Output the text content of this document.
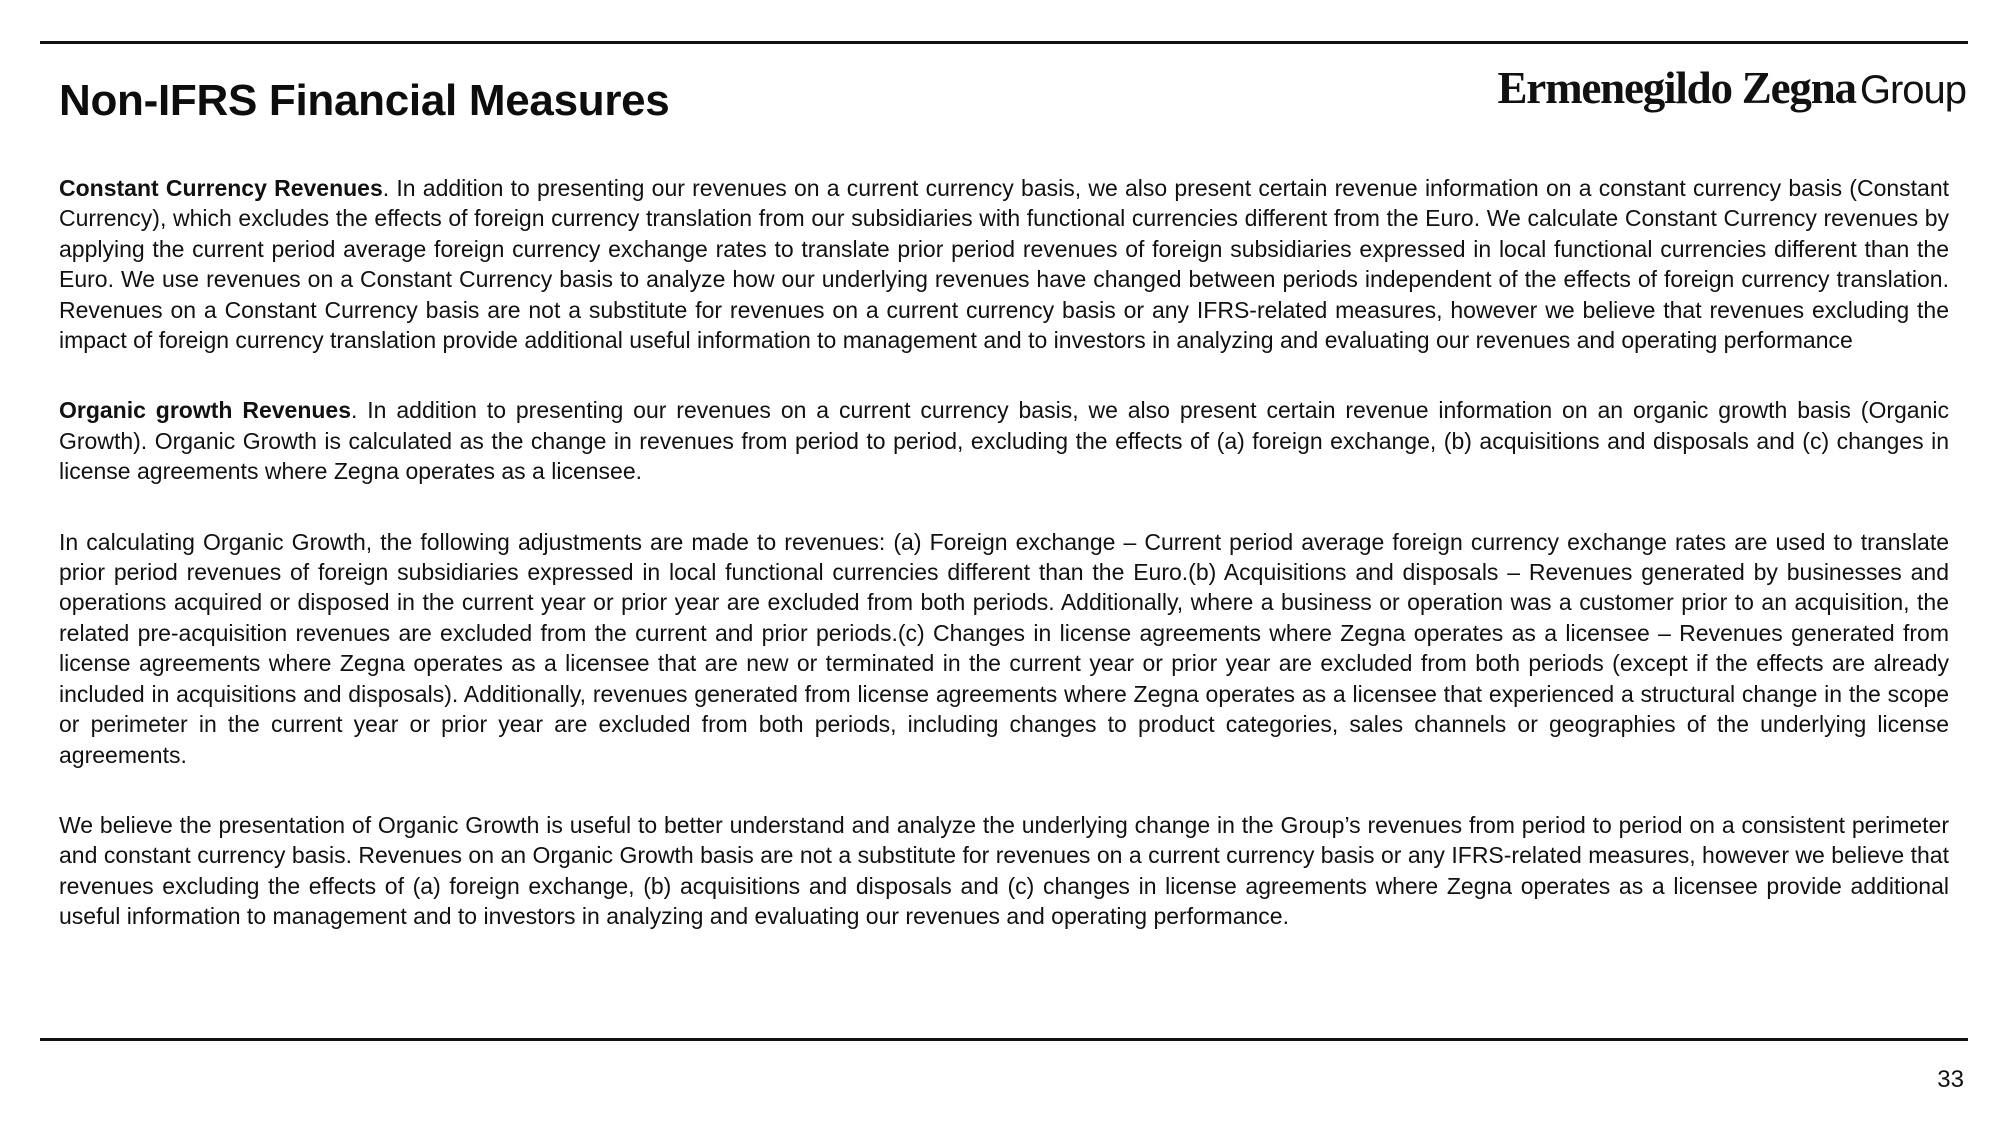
Non-IFRS Financial Measures	Ermenegildo Zegna Group

Constant Currency Revenues. In addition to presenting our revenues on a current currency basis, we also present certain revenue information on a constant currency basis (Constant Currency), which excludes the effects of foreign currency translation from our subsidiaries with functional currencies different from the Euro. We calculate Constant Currency revenues by applying the current period average foreign currency exchange rates to translate prior period revenues of foreign subsidiaries expressed in local functional currencies different than the Euro. We use revenues on a Constant Currency basis to analyze how our underlying revenues have changed between periods independent of the effects of foreign currency translation. Revenues on a Constant Currency basis are not a substitute for revenues on a current currency basis or any IFRS-related measures, however we believe that revenues excluding the impact of foreign currency translation provide additional useful information to management and to investors in analyzing and evaluating our revenues and operating performance

Organic growth Revenues. In addition to presenting our revenues on a current currency basis, we also present certain revenue information on an organic growth basis (Organic Growth). Organic Growth is calculated as the change in revenues from period to period, excluding the effects of (a) foreign exchange, (b) acquisitions and disposals and (c) changes in license agreements where Zegna operates as a licensee.

In calculating Organic Growth, the following adjustments are made to revenues: (a) Foreign exchange – Current period average foreign currency exchange rates are used to translate prior period revenues of foreign subsidiaries expressed in local functional currencies different than the Euro.(b) Acquisitions and disposals – Revenues generated by businesses and operations acquired or disposed in the current year or prior year are excluded from both periods. Additionally, where a business or operation was a customer prior to an acquisition, the related pre-acquisition revenues are excluded from the current and prior periods.(c) Changes in license agreements where Zegna operates as a licensee – Revenues generated from license agreements where Zegna operates as a licensee that are new or terminated in the current year or prior year are excluded from both periods (except if the effects are already included in acquisitions and disposals). Additionally, revenues generated from license agreements where Zegna operates as a licensee that experienced a structural change in the scope or perimeter in the current year or prior year are excluded from both periods, including changes to product categories, sales channels or geographies of the underlying license agreements.

We believe the presentation of Organic Growth is useful to better understand and analyze the underlying change in the Group’s revenues from period to period on a consistent perimeter and constant currency basis. Revenues on an Organic Growth basis are not a substitute for revenues on a current currency basis or any IFRS-related measures, however we believe that revenues excluding the effects of (a) foreign exchange, (b) acquisitions and disposals and (c) changes in license agreements where Zegna operates as a licensee provide additional useful information to management and to investors in analyzing and evaluating our revenues and operating performance.

33
